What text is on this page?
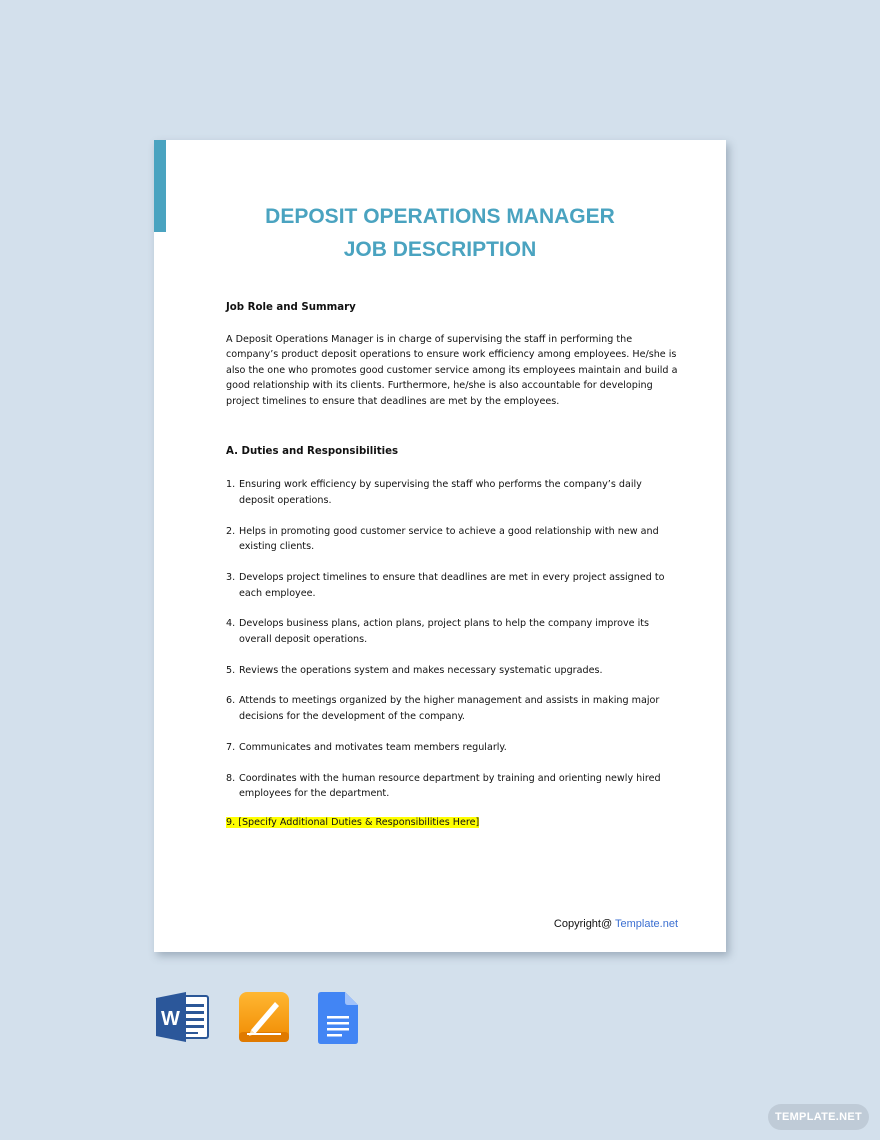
DEPOSIT OPERATIONS MANAGER
JOB DESCRIPTION

Job Role and Summary

A Deposit Operations Manager is in charge of supervising the staff in performing the company’s product deposit operations to ensure work efficiency among employees. He/she is also the one who promotes good customer service among its employees maintain and build a good relationship with its clients. Furthermore, he/she is also accountable for developing project timelines to ensure that deadlines are met by the employees.

A. Duties and Responsibilities

1. Ensuring work efficiency by supervising the staff who performs the company’s daily deposit operations.
2. Helps in promoting good customer service to achieve a good relationship with new and existing clients.
3. Develops project timelines to ensure that deadlines are met in every project assigned to each employee.
4. Develops business plans, action plans, project plans to help the company improve its overall deposit operations.
5. Reviews the operations system and makes necessary systematic upgrades.
6. Attends to meetings organized by the higher management and assists in making major decisions for the development of the company.
7. Communicates and motivates team members regularly.
8. Coordinates with the human resource department by training and orienting newly hired employees for the department.
9. [Specify Additional Duties & Responsibilities Here]
Copyright@ Template.net
W
TEMPLATE.NET
